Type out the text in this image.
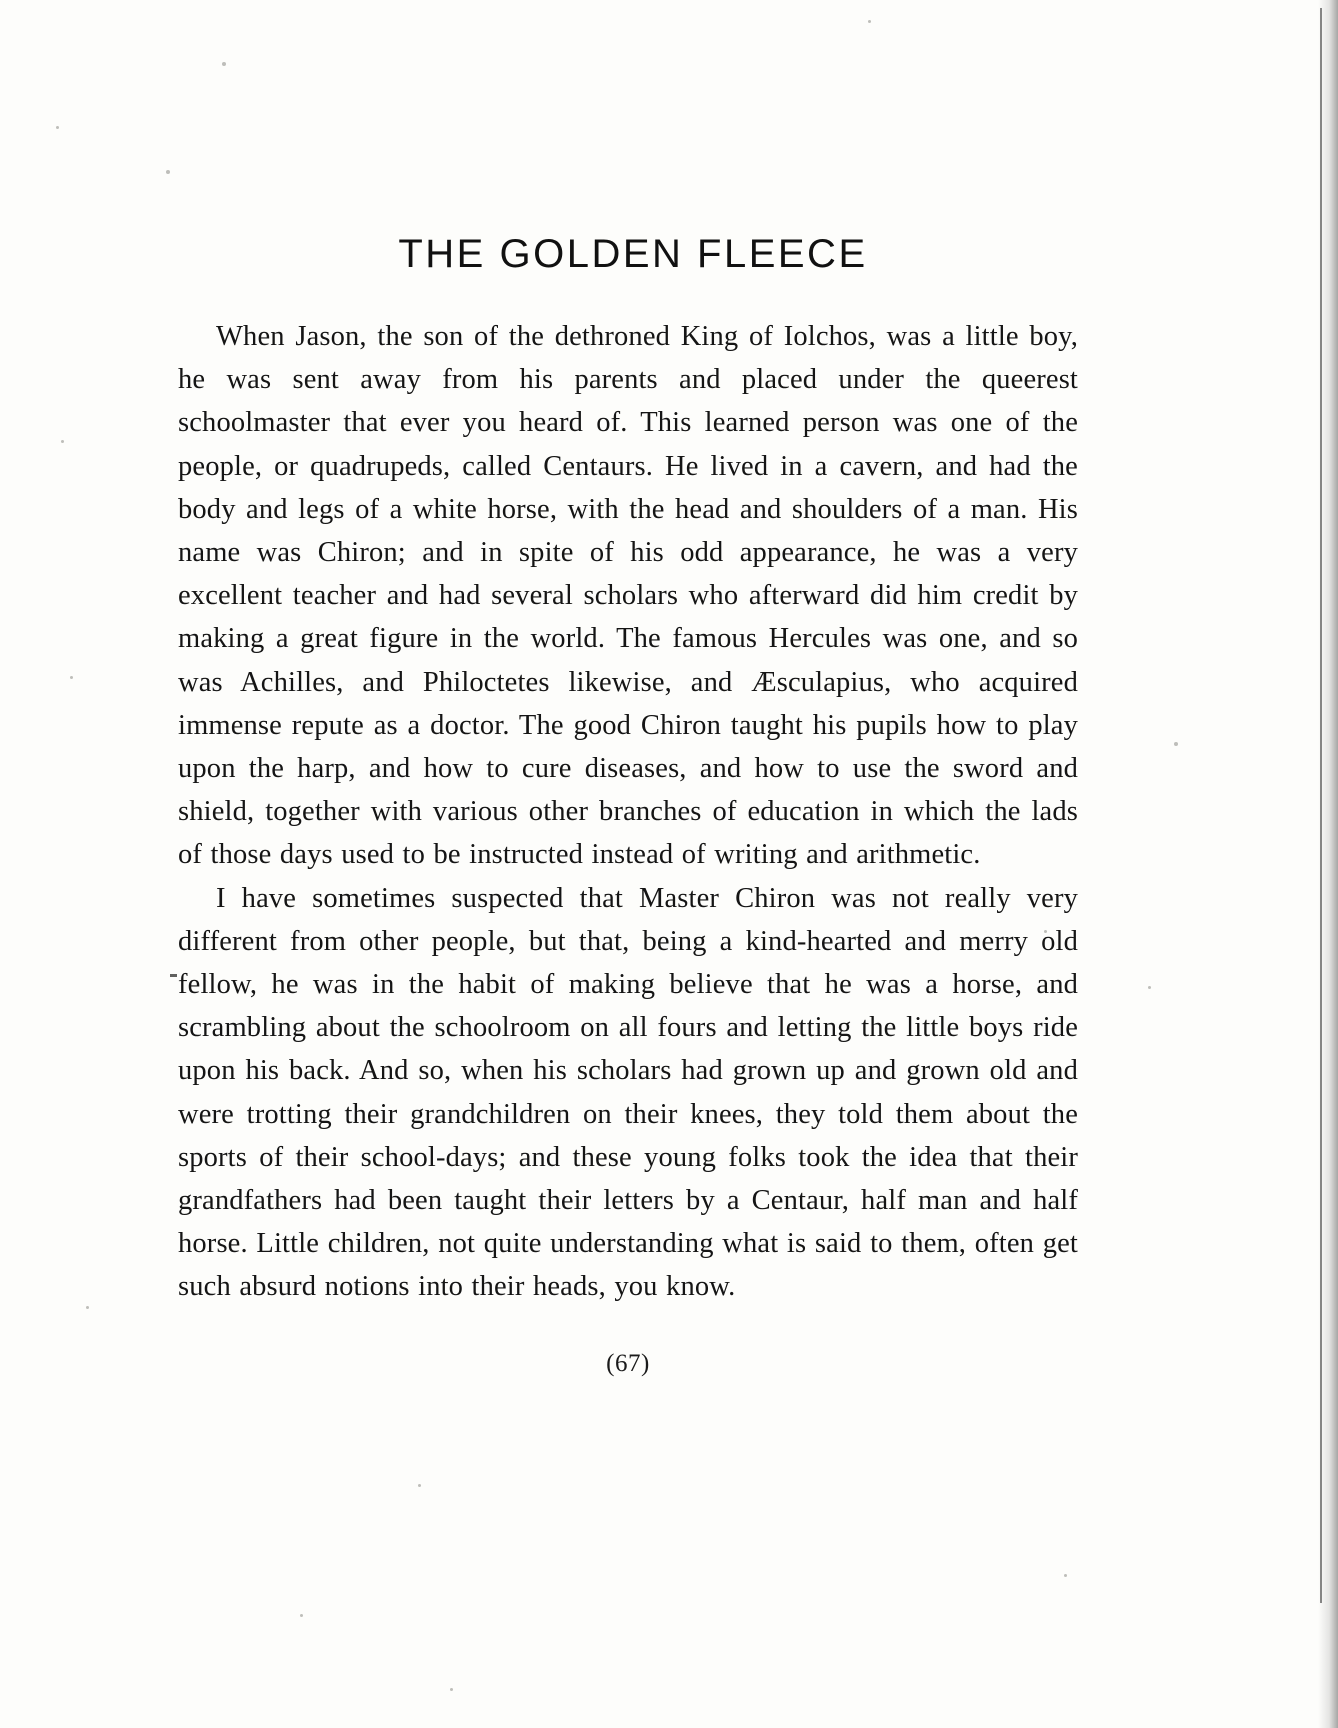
THE GOLDEN FLEECE

When Jason, the son of the dethroned King of Iolchos, was a little boy, he was sent away from his parents and placed under the queerest schoolmaster that ever you heard of. This learned person was one of the people, or quadrupeds, called Centaurs. He lived in a cavern, and had the body and legs of a white horse, with the head and shoulders of a man. His name was Chiron; and in spite of his odd appearance, he was a very excellent teacher and had several scholars who afterward did him credit by making a great figure in the world. The famous Hercules was one, and so was Achilles, and Philoctetes likewise, and Æsculapius, who acquired immense repute as a doctor. The good Chiron taught his pupils how to play upon the harp, and how to cure diseases, and how to use the sword and shield, together with various other branches of education in which the lads of those days used to be instructed instead of writing and arithmetic.

I have sometimes suspected that Master Chiron was not really very different from other people, but that, being a kind-hearted and merry old fellow, he was in the habit of making believe that he was a horse, and scrambling about the schoolroom on all fours and letting the little boys ride upon his back. And so, when his scholars had grown up and grown old and were trotting their grandchildren on their knees, they told them about the sports of their school-days; and these young folks took the idea that their grandfathers had been taught their letters by a Centaur, half man and half horse. Little children, not quite understanding what is said to them, often get such absurd notions into their heads, you know.

(67)
